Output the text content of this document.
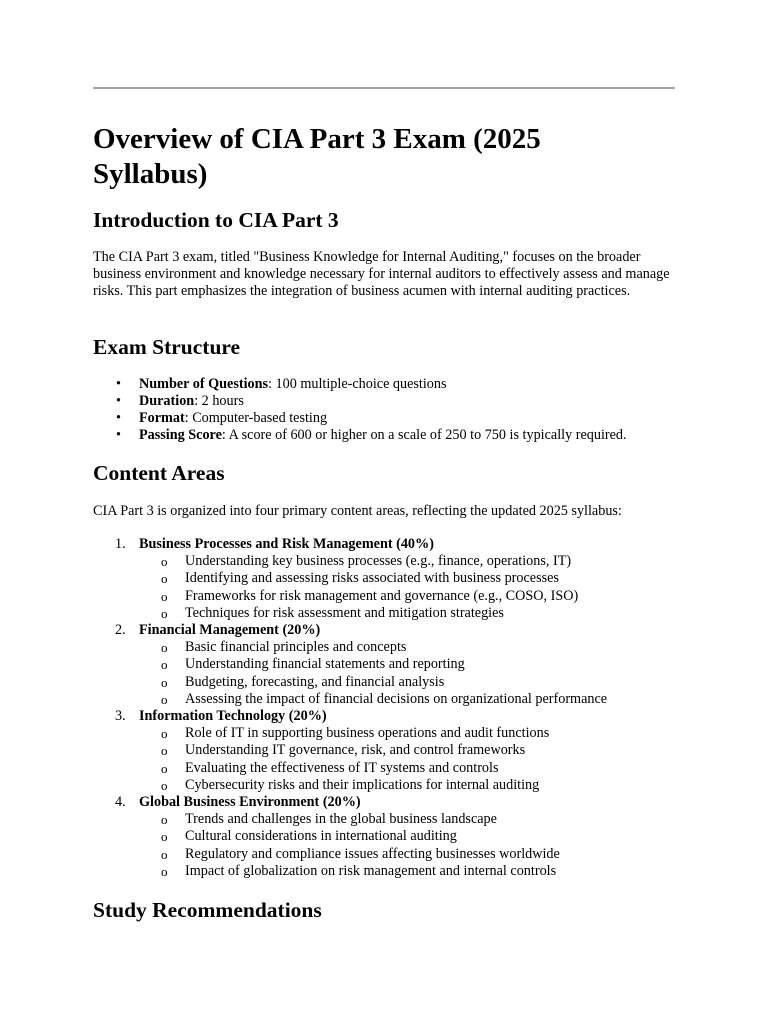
Overview of CIA Part 3 Exam (2025 Syllabus)
Introduction to CIA Part 3

The CIA Part 3 exam, titled "Business Knowledge for Internal Auditing," focuses on the broader business environment and knowledge necessary for internal auditors to effectively assess and manage risks. This part emphasizes the integration of business acumen with internal auditing practices.

Exam Structure
• Number of Questions: 100 multiple-choice questions
• Duration: 2 hours
• Format: Computer-based testing
• Passing Score: A score of 600 or higher on a scale of 250 to 750 is typically required.
Content Areas

CIA Part 3 is organized into four primary content areas, reflecting the updated 2025 syllabus:

1. Business Processes and Risk Management (40%)
o Understanding key business processes (e.g., finance, operations, IT)
o Identifying and assessing risks associated with business processes
o Frameworks for risk management and governance (e.g., COSO, ISO)
o Techniques for risk assessment and mitigation strategies
2. Financial Management (20%)
o Basic financial principles and concepts
o Understanding financial statements and reporting
o Budgeting, forecasting, and financial analysis
o Assessing the impact of financial decisions on organizational performance
3. Information Technology (20%)
o Role of IT in supporting business operations and audit functions
o Understanding IT governance, risk, and control frameworks
o Evaluating the effectiveness of IT systems and controls
o Cybersecurity risks and their implications for internal auditing
4. Global Business Environment (20%)
o Trends and challenges in the global business landscape
o Cultural considerations in international auditing
o Regulatory and compliance issues affecting businesses worldwide
o Impact of globalization on risk management and internal controls
Study Recommendations
